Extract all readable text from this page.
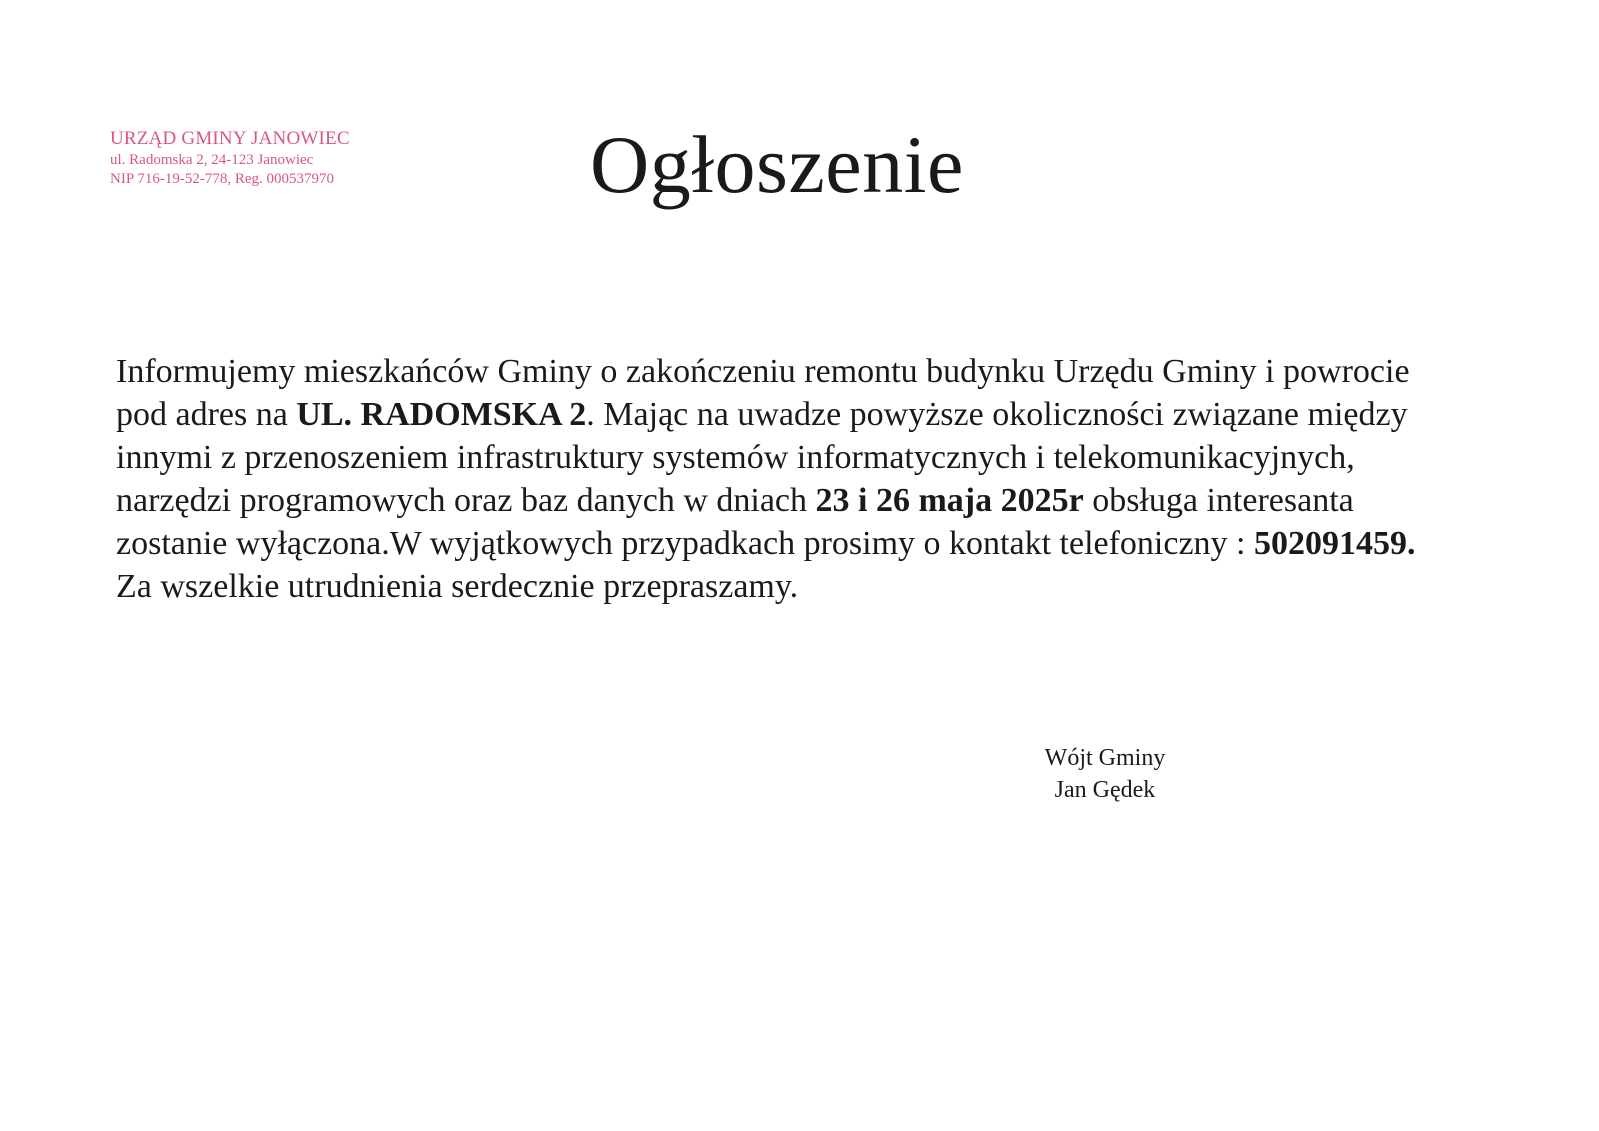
URZĄD GMINY JANOWIEC
ul. Radomska 2, 24-123 Janowiec
NIP 716-19-52-778, Reg. 000537970	Ogłoszenie

Informujemy mieszkańców Gminy o zakończeniu remontu budynku Urzędu Gminy i powrocie pod adres na UL. RADOMSKA 2. Mając na uwadze powyższe okoliczności związane między innymi z przenoszeniem infrastruktury systemów informatycznych i telekomunikacyjnych, narzędzi programowych oraz baz danych w dniach 23 i 26 maja 2025r obsługa interesanta zostanie wyłączona.W wyjątkowych przypadkach prosimy o kontakt telefoniczny : 502091459.
Za wszelkie utrudnienia serdecznie przepraszamy.

Wójt Gminy
Jan Gędek
